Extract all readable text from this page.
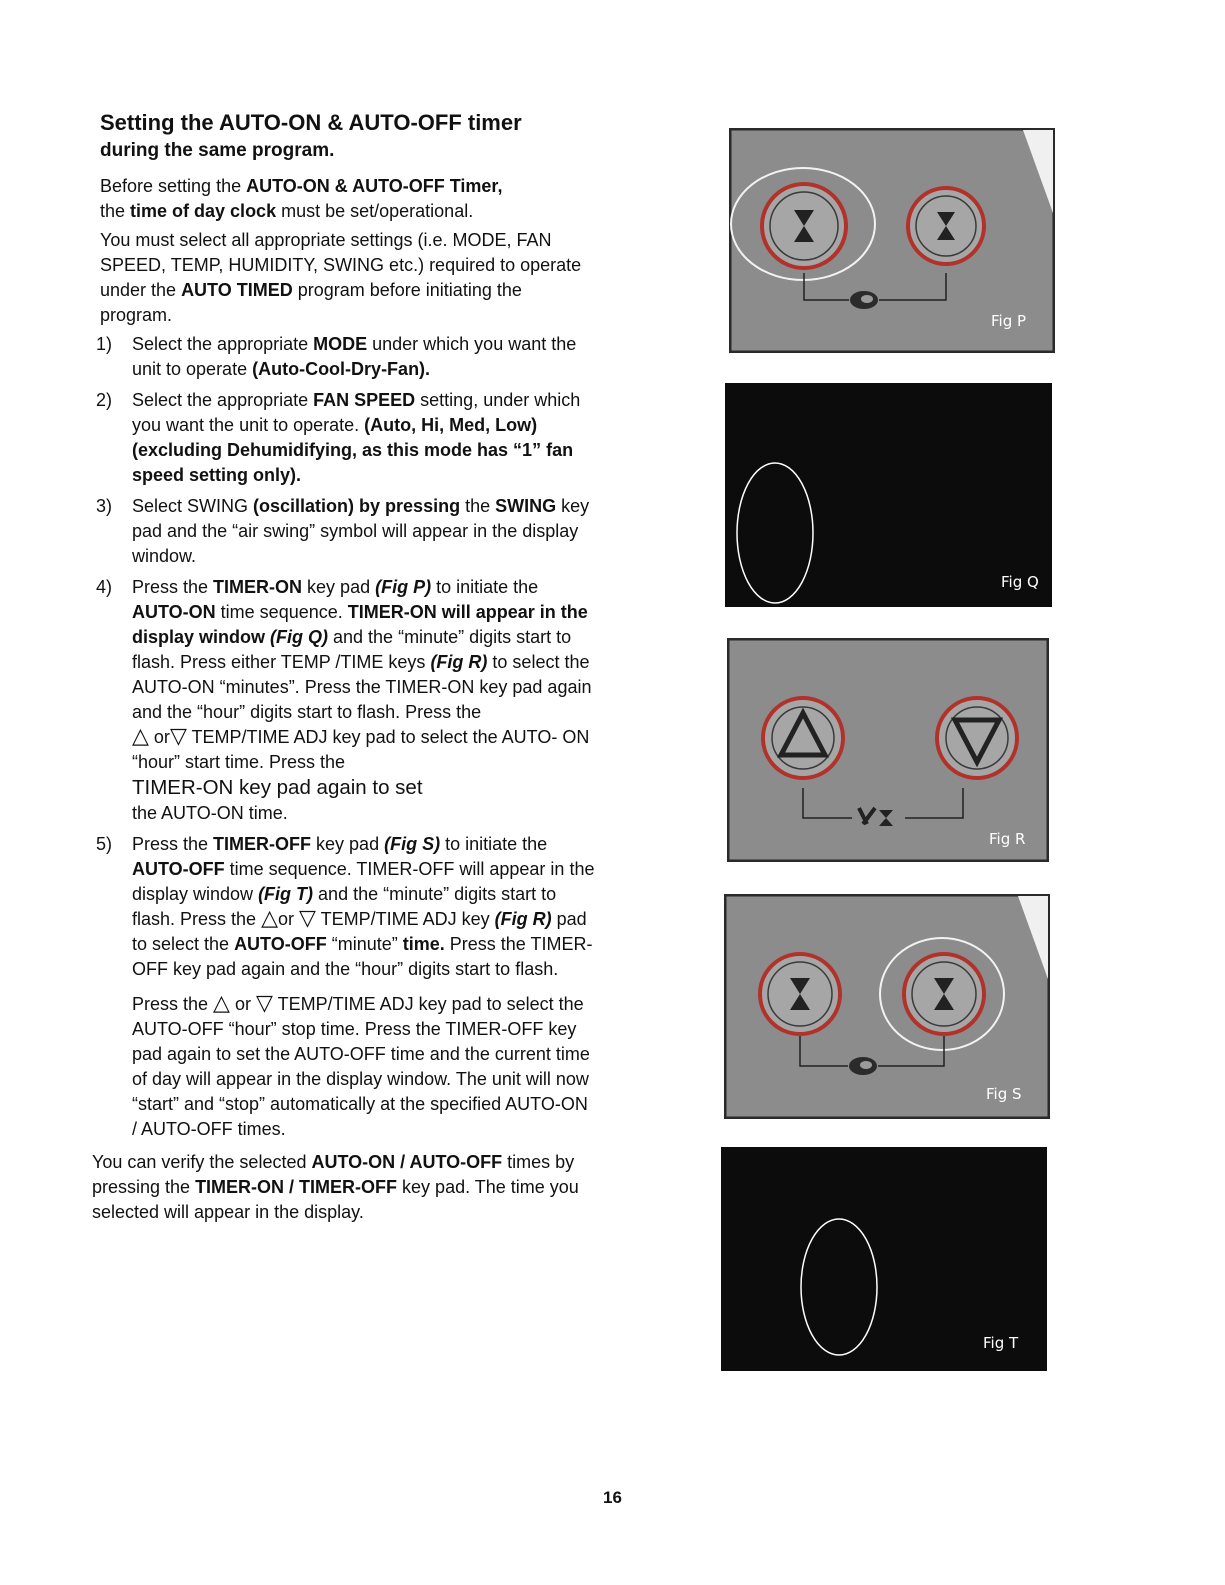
Setting the AUTO-ON & AUTO-OFF timer
during the same program.

Before setting the AUTO-ON & AUTO-OFF Timer,
the time of day clock must be set/operational.

You must select all appropriate settings (i.e. MODE, FAN SPEED, TEMP, HUMIDITY, SWING etc.) required to operate under the AUTO TIMED program before initiating the program.

1)	Select the appropriate MODE under which you want the unit to operate (Auto-Cool-Dry-Fan).
2)	Select the appropriate FAN SPEED setting, under which you want the unit to operate. (Auto, Hi, Med, Low) (excluding Dehumidifying, as this mode has “1” fan speed setting only).
3)	Select SWING (oscillation) by pressing the SWING key pad and the “air swing” symbol will appear in the display window.
4)	Press the TIMER-ON key pad (Fig P) to initiate the AUTO-ON time sequence. TIMER-ON will appear in the display window (Fig Q) and the “minute” digits start to flash. Press either TEMP /TIME keys (Fig R) to select the AUTO-ON “minutes”. Press the TIMER-ON key pad again and the “hour” digits start to flash. Press the
△ or▽ TEMP/TIME ADJ key pad to select the AUTO- ON “hour” start time. Press the
TIMER-ON key pad again to set
the AUTO-ON time.
5)	Press the TIMER-OFF key pad (Fig S) to initiate the AUTO-OFF time sequence. TIMER-OFF will appear in the display window (Fig T) and the “minute” digits start to flash. Press the △or ▽ TEMP/TIME ADJ key (Fig R) pad to select the AUTO-OFF “minute” time. Press the TIMER-OFF key pad again and the “hour” digits start to flash.
Press the △ or ▽ TEMP/TIME ADJ key pad to select the AUTO-OFF “hour” stop time. Press the TIMER-OFF key pad again to set the AUTO-OFF time and the current time of day will appear in the display window. The unit will now “start” and “stop” automatically at the specified AUTO-ON / AUTO-OFF times.

You can verify the selected AUTO-ON / AUTO-OFF times by pressing the TIMER-ON / TIMER-OFF key pad. The time you selected will appear in the display.

Fig P
Fig Q
Fig R
Fig S
Fig T
16
